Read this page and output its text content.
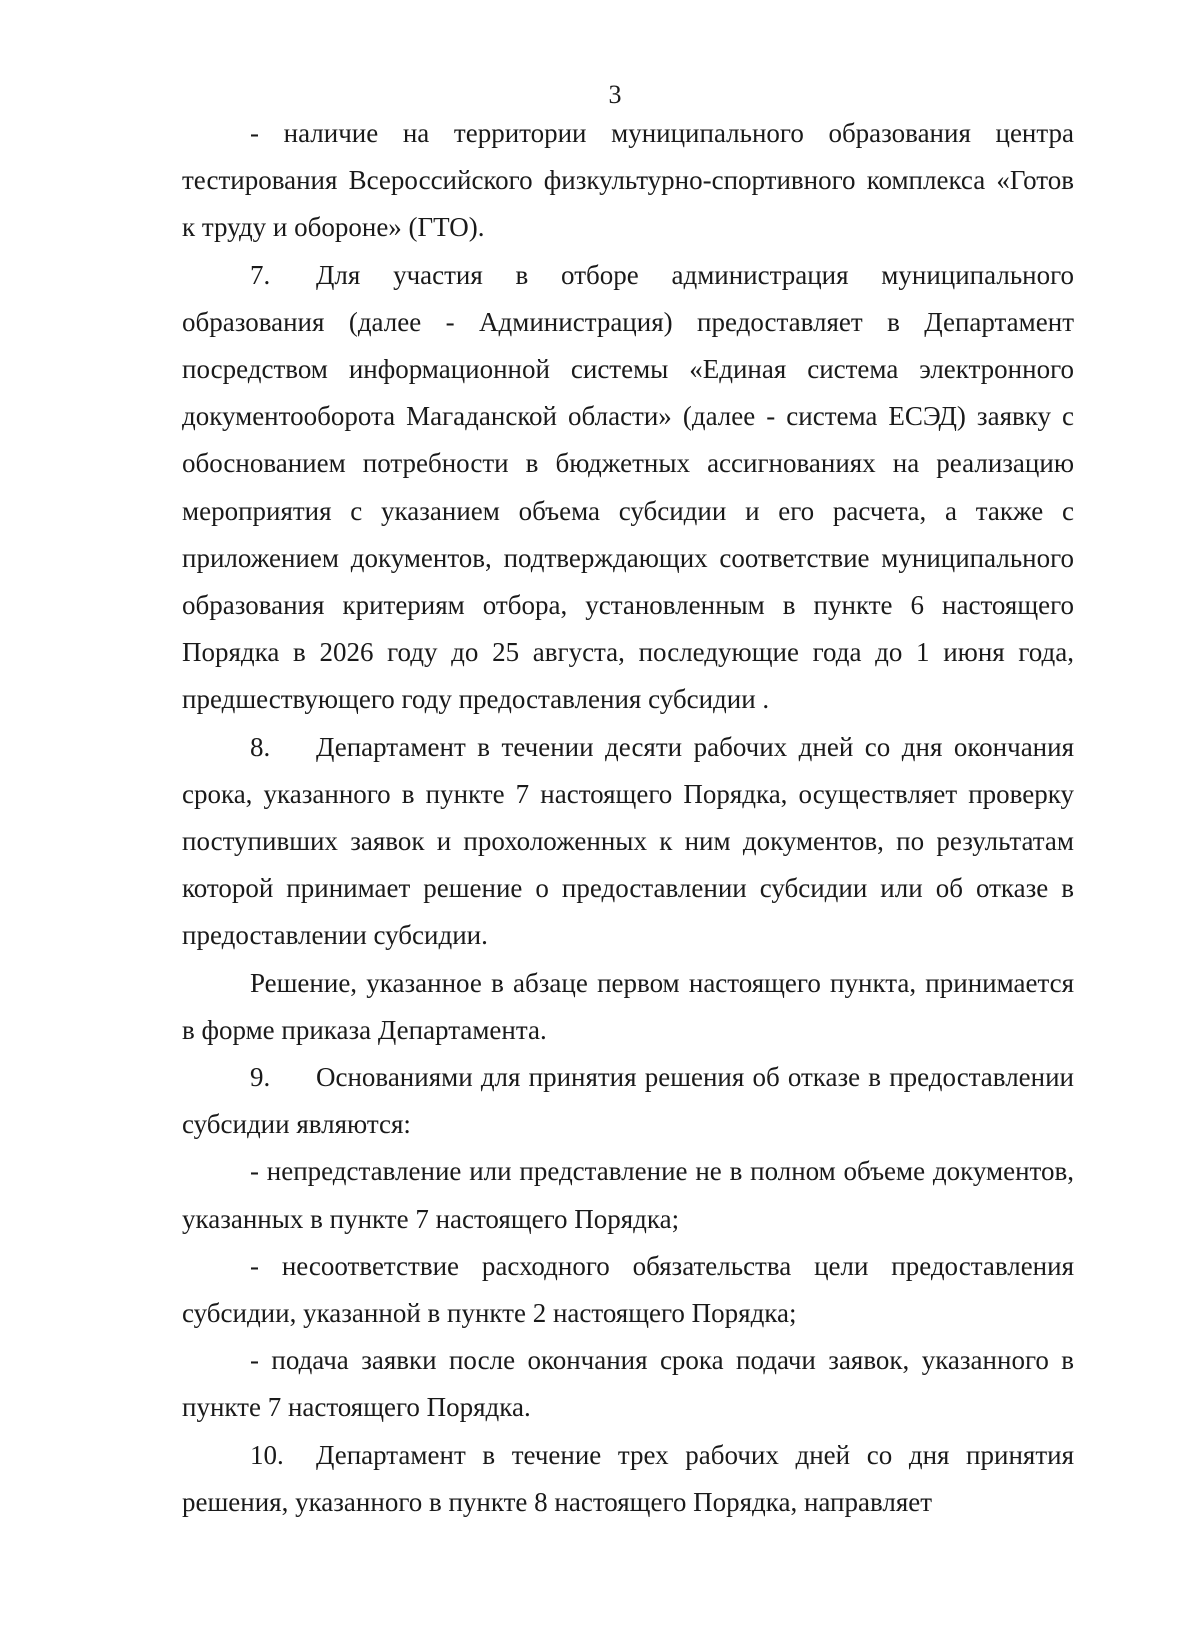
3

- наличие на территории муниципального образования центра тестирования Всероссийского физкультурно-спортивного комплекса «Готов к труду и обороне» (ГТО).

7. Для участия в отборе администрация муниципального образования (далее - Администрация) предоставляет в Департамент посредством информационной системы «Единая система электронного документооборота Магаданской области» (далее - система ЕСЭД) заявку с обоснованием потребности в бюджетных ассигнованиях на реализацию мероприятия с указанием объема субсидии и его расчета, а также с приложением документов, подтверждающих соответствие муниципального образования критериям отбора, установленным в пункте 6 настоящего Порядка в 2026 году до 25 августа, последующие года до 1 июня года, предшествующего году предоставления субсидии .

8. Департамент в течении десяти рабочих дней со дня окончания срока, указанного в пункте 7 настоящего Порядка, осуществляет проверку поступивших заявок и прохоложенных к ним документов, по результатам которой принимает решение о предоставлении субсидии или об отказе в предоставлении субсидии.

Решение, указанное в абзаце первом настоящего пункта, принимается в форме приказа Департамента.

9. Основаниями для принятия решения об отказе в предоставлении субсидии являются:

- непредставление или представление не в полном объеме документов, указанных в пункте 7 настоящего Порядка;

- несоответствие расходного обязательства цели предоставления субсидии, указанной в пункте 2 настоящего Порядка;

- подача заявки после окончания срока подачи заявок, указанного в пункте 7 настоящего Порядка.

10. Департамент в течение трех рабочих дней со дня принятия решения, указанного в пункте 8 настоящего Порядка, направляет
